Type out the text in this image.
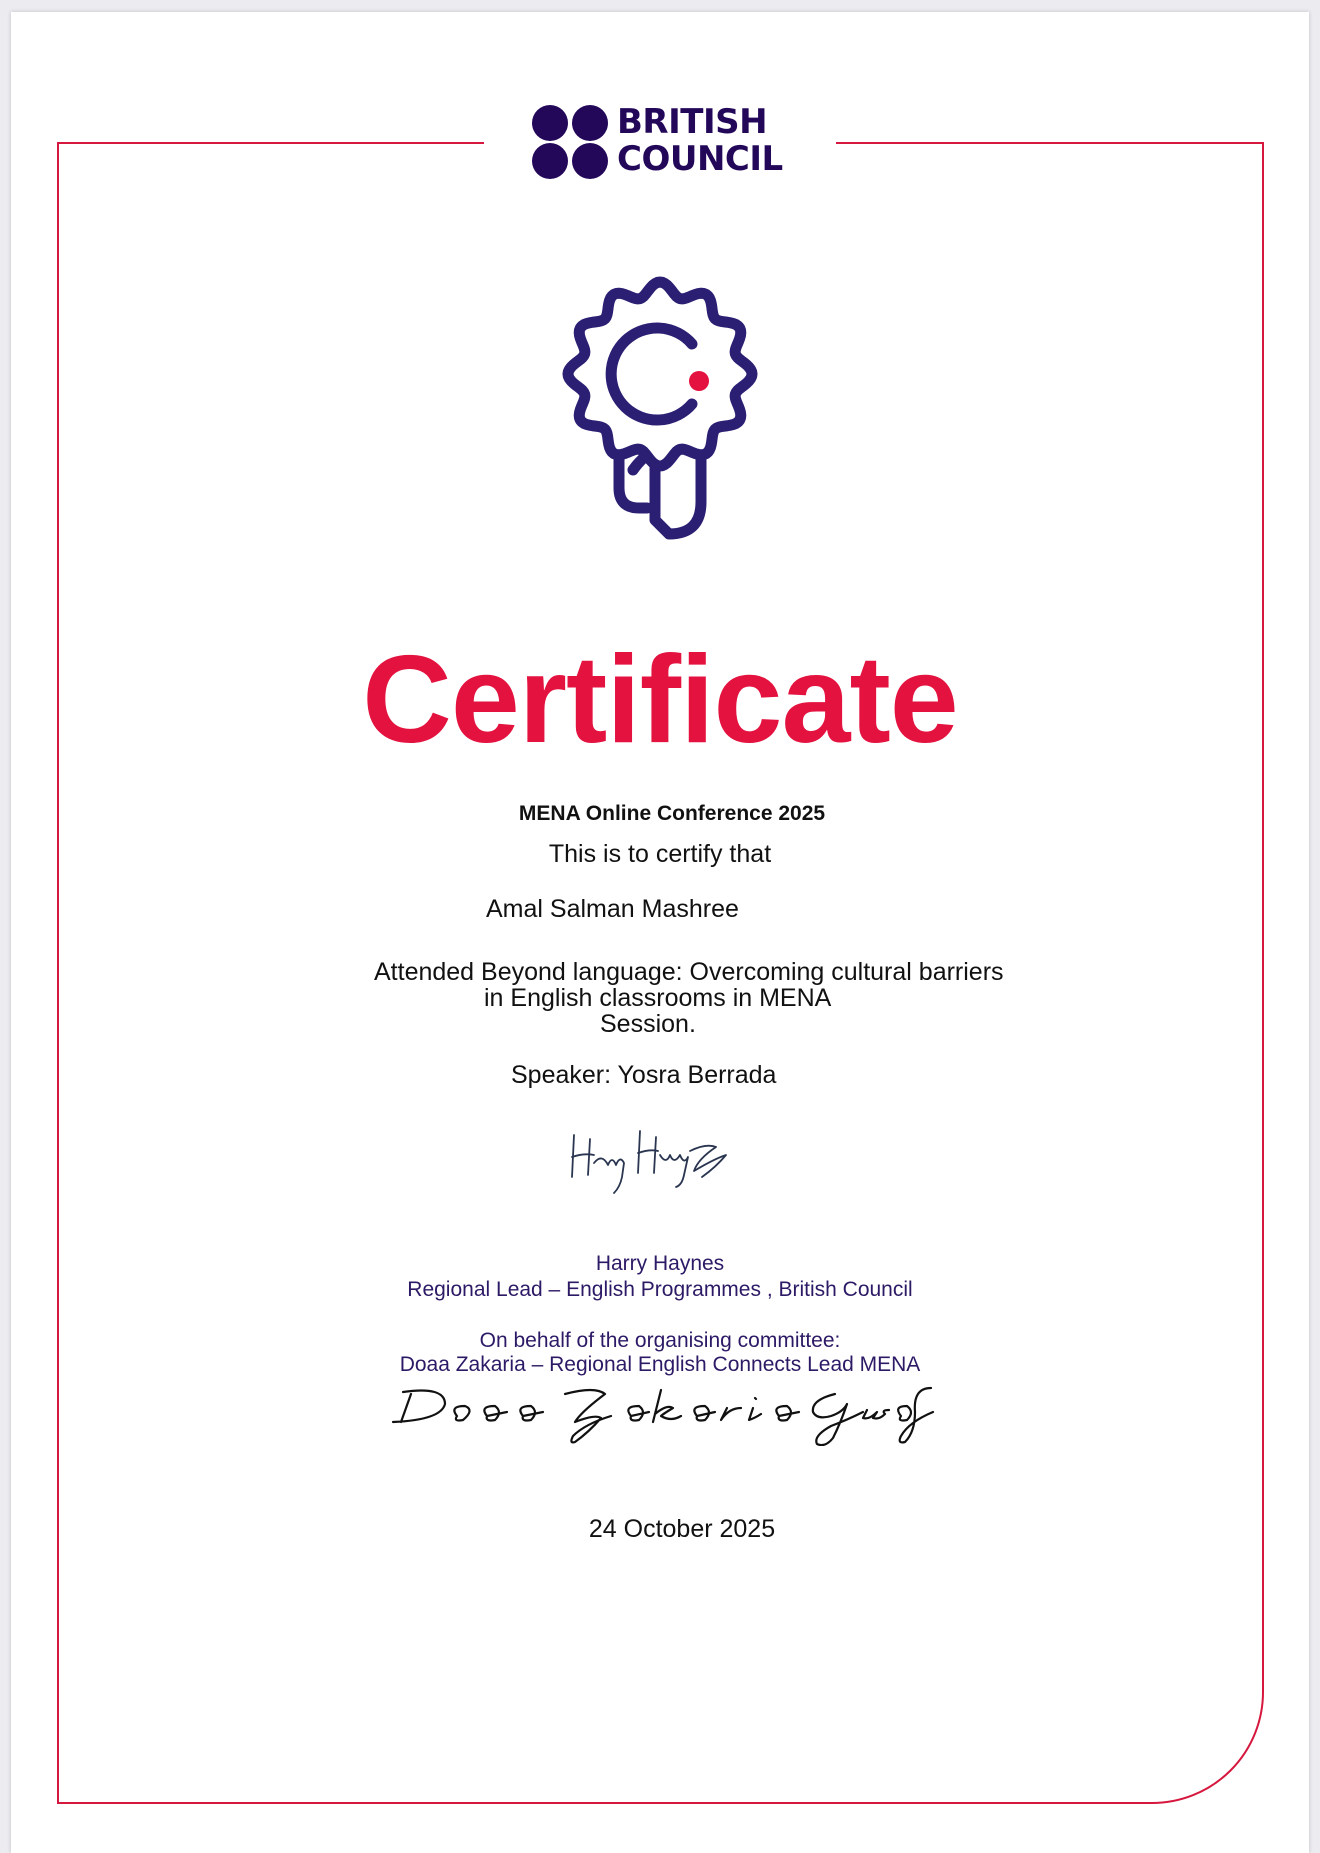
BRITISH
COUNCIL
Certificate
MENA Online Conference 2025
This is to certify that
Amal Salman Mashree
Attended Beyond language: Overcoming cultural barriers
in English classrooms in MENA
Session.
Speaker: Yosra Berrada
Harry Haynes
Regional Lead – English Programmes , British Council
On behalf of the organising committee:
Doaa Zakaria – Regional English Connects Lead MENA
24 October 2025
